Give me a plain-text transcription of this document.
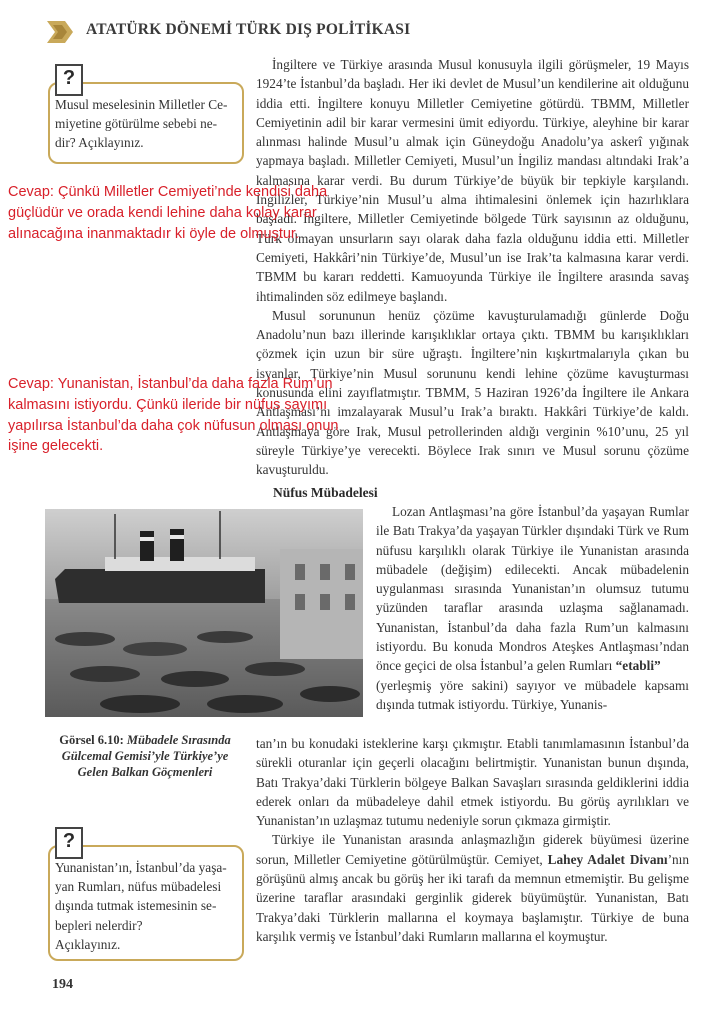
ATATÜRK DÖNEMİ TÜRK DIŞ POLİTİKASI
?
Musul meselesinin Milletler Ce-
miyetine götürülme sebebi ne-
dir? Açıklayınız.

İngiltere ve Türkiye arasında Musul konusuyla ilgili görüşmeler, 19 Mayıs 1924’te İstanbul’da başladı. Her iki devlet de Musul’un kendilerine ait olduğunu iddia etti. İngiltere konuyu Milletler Cemiyetine götürdü. TBMM, Milletler Cemiyetinin adil bir karar vermesini ümit ediyordu. Türkiye, aleyhine bir karar alınması halinde Musul’u almak için Güneydoğu Anadolu’ya askerî yığınak yapmaya başladı. Milletler Cemiyeti, Musul’un İngiliz mandası altındaki Irak’a kalmasına karar verdi. Bu durum Türkiye’de büyük bir tepkiyle karşılandı. İngilizler, Türkiye’nin Musul’u alma ihtimalesini önlemek için hazırlıklara başladı. İngiltere, Milletler Cemiyetinde bölgede Türk sayısının az olduğunu, Türk olmayan unsurların sayı olarak daha fazla olduğunu iddia etti. Milletler Cemiyeti, Hakkâri’nin Türkiye’de, Musul’un ise Irak’ta kalmasına karar verdi. TBMM bu kararı reddetti. Kamuoyunda Türkiye ile İngiltere arasında savaş ihtimalinden söz edilmeye başlandı.

Musul sorununun henüz çözüme kavuşturulamadığı günlerde Doğu Anadolu’nun bazı illerinde karışıklıklar ortaya çıktı. TBMM bu karışıklıkları çözmek için uzun bir süre uğraştı. İngiltere’nin kışkırtmalarıyla çıkan bu isyanlar, Türkiye’nin Musul sorununu kendi lehine çözüme kavuşturması konusunda elini zayıflatmıştır. TBMM, 5 Haziran 1926’da İngiltere ile Ankara Antlaşması’nı imzalayarak Musul’u Irak’a bıraktı. Hakkâri Türkiye’de kaldı. Antlaşmaya göre Irak, Musul petrollerinden aldığı verginin %10’unu, 25 yıl süreyle Türkiye’ye verecekti. Böylece Irak sınırı ve Musul sorunu çözüme kavuşturuldu.

Cevap: Çünkü Milletler Cemiyeti’nde kendisi daha
güçlüdür ve orada kendi lehine daha kolay karar
alınacağına inanmaktadır ki öyle de olmuştur.
Cevap: Yunanistan, İstanbul’da daha fazla Rum’un
kalmasını istiyordu. Çünkü ileride bir nüfus sayımı
yapılırsa İstanbul’da daha çok nüfusun olması onun
işine gelecekti.
Nüfus Mübadelesi

Lozan Antlaşması’na göre İstanbul’da yaşayan Rumlar ile Batı Trakya’da yaşayan Türkler dışındaki Türk ve Rum nüfusu karşılıklı olarak Türkiye ile Yunanistan arasında mübadele (değişim) edilecekti. Ancak mübadelenin uygulanması sırasında Yunanistan’ın olumsuz tutumu yüzünden taraflar arasında uzlaşma sağlanamadı. Yunanistan, İstanbul’da daha fazla Rum’un kalmasını istiyordu. Bu konuda Mondros Ateşkes Antlaşması’ndan önce geçici de olsa İstanbul’a gelen Rumları “etabli”
(yerleşmiş yöre sakini) sayıyor ve mübadele kapsamı dışında tutmak istiyordu. Türkiye, Yunanis-

Görsel 6.10: Mübadele Sırasında Gülcemal Gemisi’yle Türkiye’ye Gelen Balkan Göçmenleri

tan’ın bu konudaki isteklerine karşı çıkmıştır. Etabli tanımlamasının İstanbul’da sürekli oturanlar için geçerli olacağını belirtmiştir. Yunanistan bunun dışında, Batı Trakya’daki Türklerin bölgeye Balkan Savaşları sırasında geldiklerini iddia ederek onları da mübadeleye dahil etmek istiyordu. Bu görüş ayrılıkları ve Yunanistan’ın uzlaşmaz tutumu nedeniyle sorun çıkmaza girmiştir.

Türkiye ile Yunanistan arasında anlaşmazlığın giderek büyümesi üzerine sorun, Milletler Cemiyetine götürülmüştür. Cemiyet, Lahey Adalet Divanı’nın görüşünü almış ancak bu görüş her iki tarafı da memnun etmemiştir. Bu gelişme üzerine taraflar arasındaki gerginlik giderek büyümüştür. Yunanistan, Batı Trakya’daki Türklerin mallarına el koymaya başlamıştır. Türkiye de buna karşılık vermiş ve İstanbul’daki Rumların mallarına el koymuştur.

?
Yunanistan’ın, İstanbul’da yaşa-
yan Rumları, nüfus mübadelesi
dışında tutmak istemesinin se-
bepleri nelerdir?
Açıklayınız.
194
